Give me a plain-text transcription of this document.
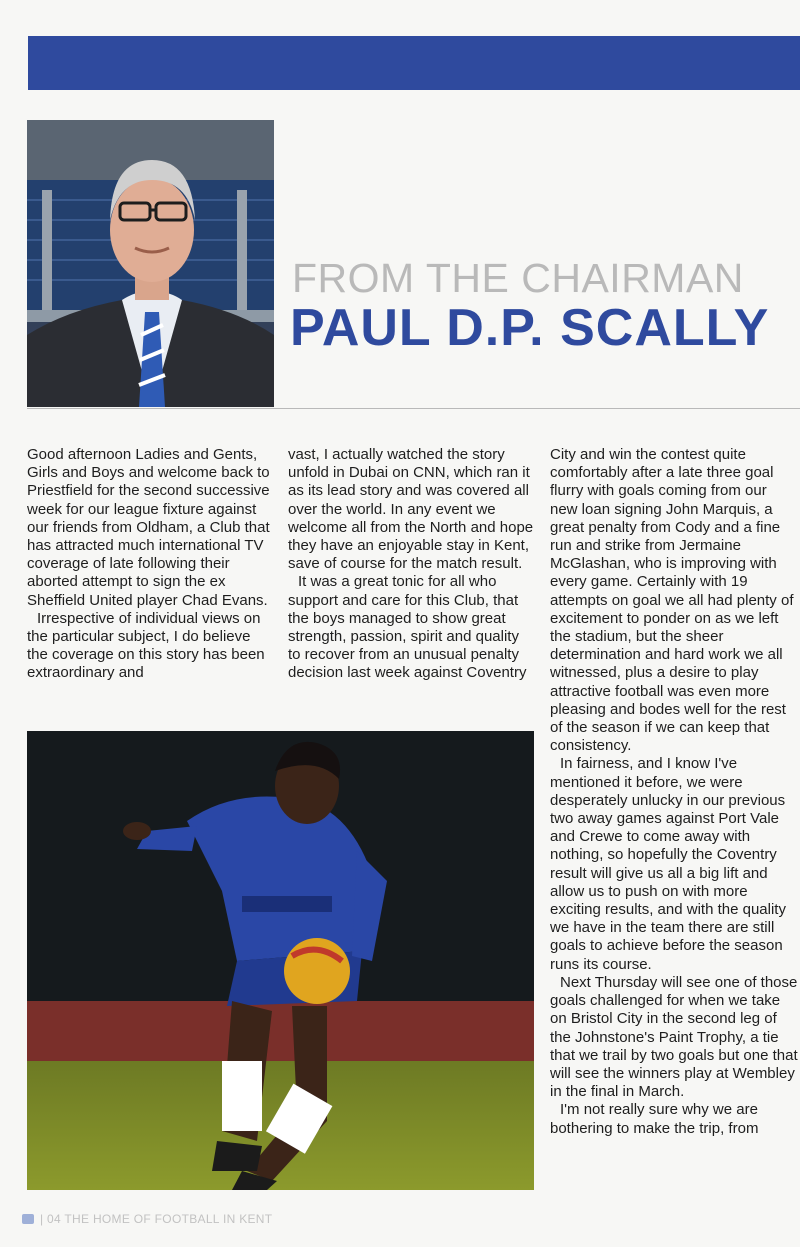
FROM THE CHAIRMAN
PAUL D.P. SCALLY

Good afternoon Ladies and Gents, Girls and Boys and welcome back to Priestfield for the second successive week for our league fixture against our friends from Oldham, a Club that has attracted much international TV coverage of late following their aborted attempt to sign the ex Sheffield United player Chad Evans.

Irrespective of individual views on the particular subject, I do believe the coverage on this story has been extraordinary and

vast, I actually watched the story unfold in Dubai on CNN, which ran it as its lead story and was covered all over the world. In any event we welcome all from the North and hope they have an enjoyable stay in Kent, save of course for the match result.

It was a great tonic for all who support and care for this Club, that the boys managed to show great strength, passion, spirit and quality to recover from an unusual penalty decision last week against Coventry

City and win the contest quite comfortably after a late three goal flurry with goals coming from our new loan signing John Marquis, a great penalty from Cody and a fine run and strike from Jermaine McGlashan, who is improving with every game. Certainly with 19 attempts on goal we all had plenty of excitement to ponder on as we left the stadium, but the sheer determination and hard work we all witnessed, plus a desire to play attractive football was even more pleasing and bodes well for the rest of the season if we can keep that consistency.

In fairness, and I know I've mentioned it before, we were desperately unlucky in our previous two away games against Port Vale and Crewe to come away with nothing, so hopefully the Coventry result will give us all a big lift and allow us to push on with more exciting results, and with the quality we have in the team there are still goals to achieve before the season runs its course.

Next Thursday will see one of those goals challenged for when we take on Bristol City in the second leg of the Johnstone's Paint Trophy, a tie that we trail by two goals but one that will see the winners play at Wembley in the final in March.

I'm not really sure why we are bothering to make the trip, from

| 04 THE HOME OF FOOTBALL IN KENT
